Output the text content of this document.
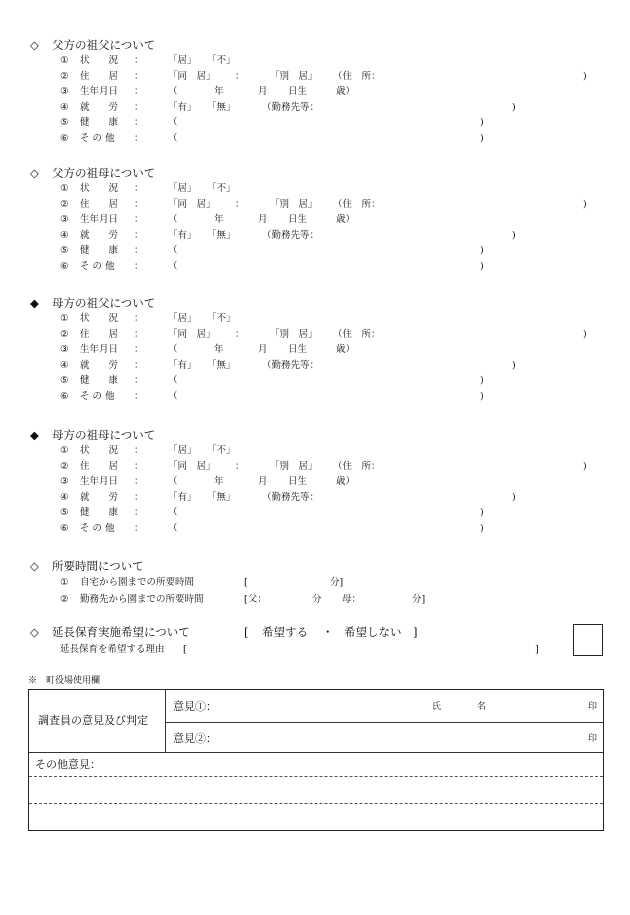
◇ 父方の祖父について
① 状　　況 ：	「居」 「不」
② 住　　居 ：	「同　居」 ：	「別　居」 （住　所：	)
③ 生年月日 ：	（	年	月 日生	歳）
④ 就　　労 ：	「有」 「無」	（勤務先等：	)
⑤ 健　　康 ：	（	)
⑥ そ の 他 ：	（	)
◇ 父方の祖母について
① 状　　況 ：	「居」 「不」
② 住　　居 ：	「同　居」 ：	「別　居」 （住　所：	)
③ 生年月日 ：	（	年	月 日生	歳）
④ 就　　労 ：	「有」 「無」	（勤務先等：	)
⑤ 健　　康 ：	（	)
⑥ そ の 他 ：	（	)
◆ 母方の祖父について
① 状　　況 ：	「居」 「不」
② 住　　居 ：	「同　居」 ：	「別　居」 （住　所：	)
③ 生年月日 ：	（	年	月 日生	歳）
④ 就　　労 ：	「有」 「無」	（勤務先等：	)
⑤ 健　　康 ：	（	)
⑥ そ の 他 ：	（	)
◆ 母方の祖母について
① 状　　況 ：	「居」 「不」
② 住　　居 ：	「同　居」 ：	「別　居」 （住　所：	)
③ 生年月日 ：	（	年	月 日生	歳）
④ 就　　労 ：	「有」 「無」	（勤務先等：	)
⑤ 健　　康 ：	（	)
⑥ そ の 他 ：	（	)
◇ 所要時間について
① 自宅から園までの所要時間	[	分]
② 勤務先から園までの所要時間	[父：	分 母：	分]
◇ 延長保育実施希望について	[ 希望する ・ 希望しない ]
延長保育を希望する理由 [	]
※　町役場使用欄
調査員の意見及び判定
意見①：	氏　　　　名	印
意見②：	印
その他意見：
